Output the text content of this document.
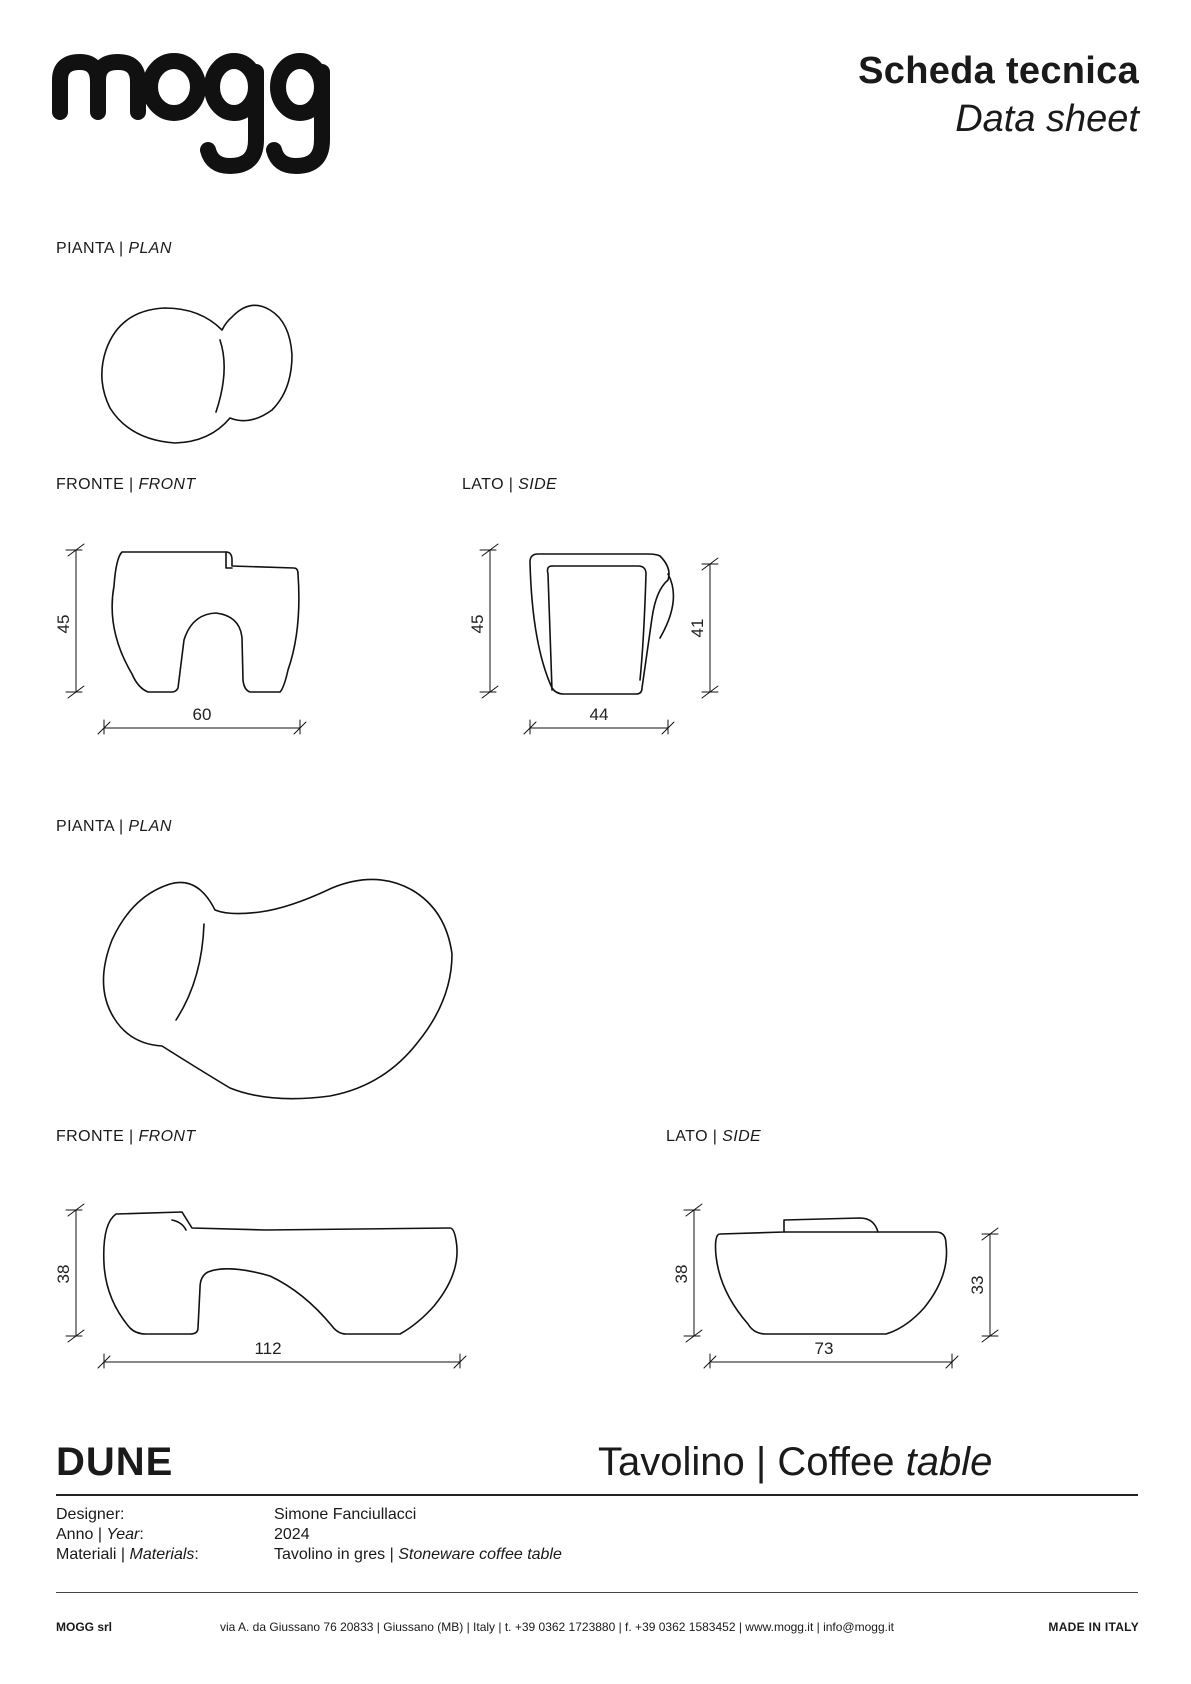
Scheda tecnica
Data sheet
PIANTA | PLAN
FRONTE | FRONT
45
60
LATO | SIDE
45	41
44
PIANTA | PLAN
FRONTE | FRONT
38
112
LATO | SIDE
38
33
73
DUNE	Tavolino | Coffee table
Designer:	Simone Fanciullacci
Anno | Year:	2024
Materiali | Materials:	Tavolino in gres | Stoneware coffee table
MOGG srl	via A. da Giussano 76 20833 | Giussano (MB) | Italy | t. +39 0362 1723880 | f. +39 0362 1583452 | www.mogg.it | info@mogg.it	MADE IN ITALY
